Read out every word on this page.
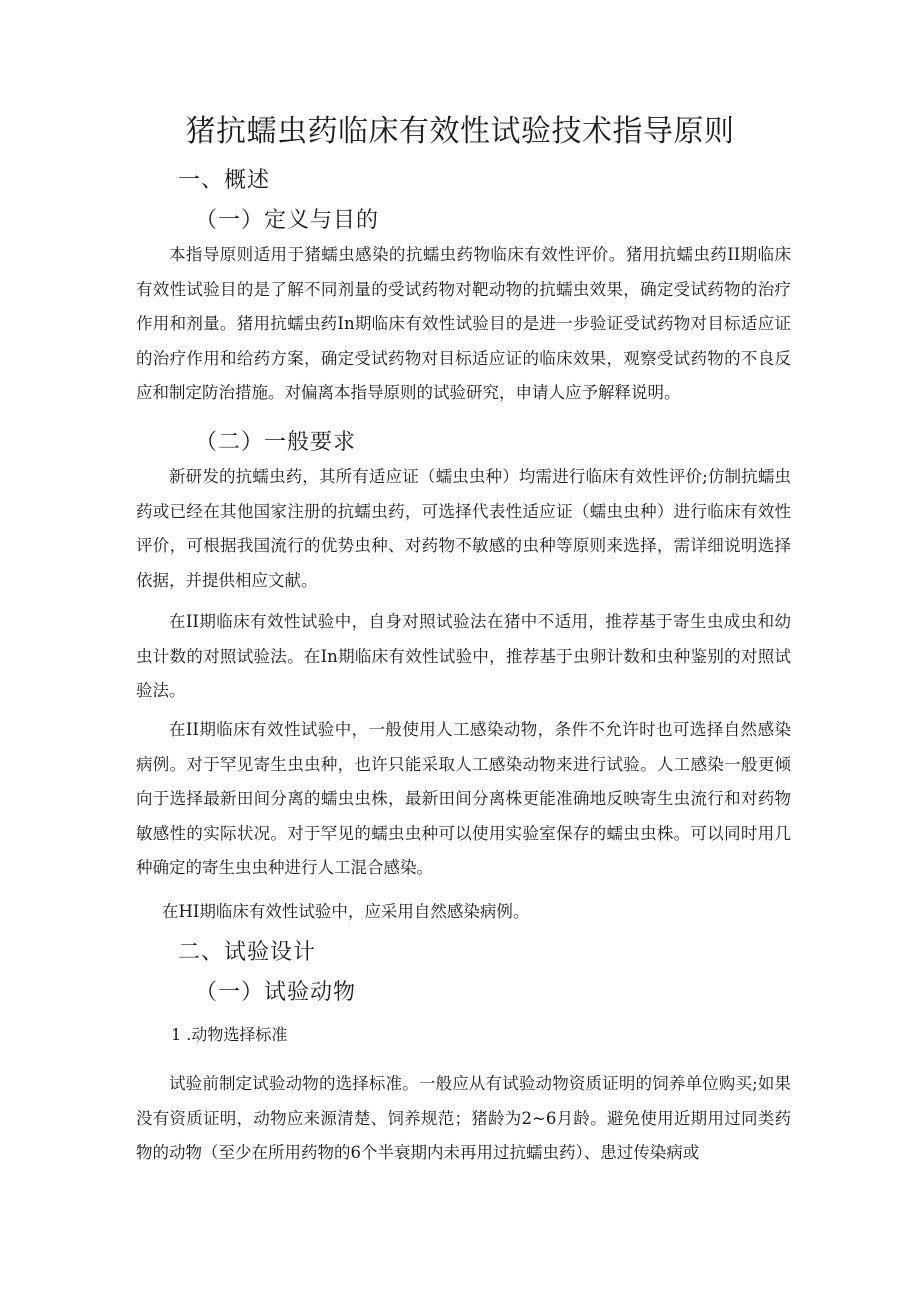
猪抗蠕虫药临床有效性试验技术指导原则
一、概述
（一）定义与目的

本指导原则适用于猪蠕虫感染的抗蠕虫药物临床有效性评价。猪用抗蠕虫药II期临床有效性试验目的是了解不同剂量的受试药物对靶动物的抗蠕虫效果，确定受试药物的治疗作用和剂量。猪用抗蠕虫药In期临床有效性试验目的是进一步验证受试药物对目标适应证的治疗作用和给药方案，确定受试药物对目标适应证的临床效果，观察受试药物的不良反应和制定防治措施。对偏离本指导原则的试验研究，申请人应予解释说明。

（二）一般要求

新研发的抗蠕虫药，其所有适应证（蠕虫虫种）均需进行临床有效性评价;仿制抗蠕虫药或已经在其他国家注册的抗蠕虫药，可选择代表性适应证（蠕虫虫种）进行临床有效性评价，可根据我国流行的优势虫种、对药物不敏感的虫种等原则来选择，需详细说明选择依据，并提供相应文献。

在II期临床有效性试验中，自身对照试验法在猪中不适用，推荐基于寄生虫成虫和幼虫计数的对照试验法。在In期临床有效性试验中，推荐基于虫卵计数和虫种鉴别的对照试验法。

在II期临床有效性试验中，一般使用人工感染动物，条件不允许时也可选择自然感染病例。对于罕见寄生虫虫种，也许只能采取人工感染动物来进行试验。人工感染一般更倾向于选择最新田间分离的蠕虫虫株，最新田间分离株更能准确地反映寄生虫流行和对药物敏感性的实际状况。对于罕见的蠕虫虫种可以使用实验室保存的蠕虫虫株。可以同时用几种确定的寄生虫虫种进行人工混合感染。

在HI期临床有效性试验中，应采用自然感染病例。

二、试验设计
（一）试验动物
1 .动物选择标准

试验前制定试验动物的选择标准。一般应从有试验动物资质证明的饲养单位购买;如果没有资质证明，动物应来源清楚、饲养规范；猪龄为2~6月龄。避免使用近期用过同类药物的动物（至少在所用药物的6个半衰期内未再用过抗蠕虫药）、患过传染病或
